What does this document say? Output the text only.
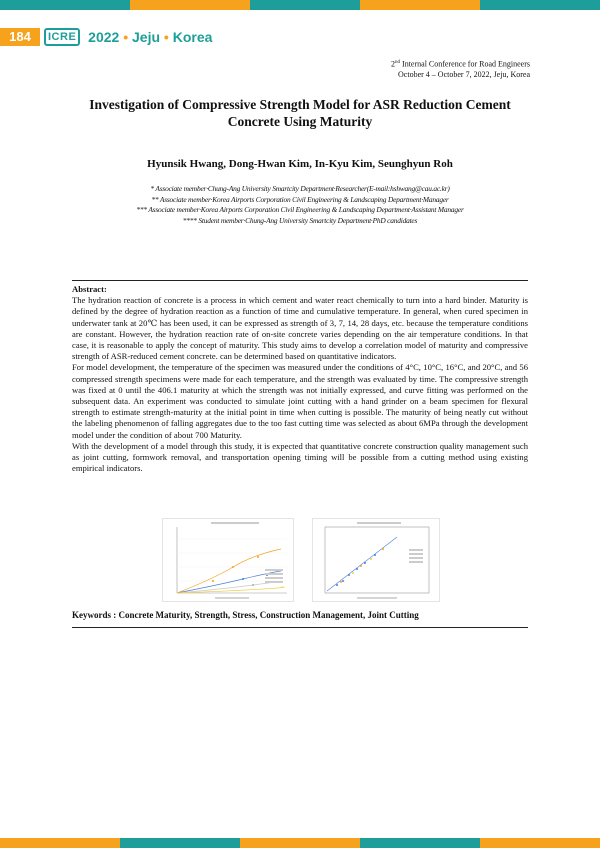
184	ICRE 2022 • Jeju • Korea
2nd Internal Conference for Road Engineers
October 4 – October 7, 2022, Jeju, Korea
Investigation of Compressive Strength Model for ASR Reduction Cement Concrete Using Maturity
Hyunsik Hwang, Dong-Hwan Kim, In-Kyu Kim, Seunghyun Roh
* Associate member·Chung-Ang University Smartcity Department·Researcher(E-mail:hshwang@cau.ac.kr)
** Associate member·Korea Airports Corporation Civil Engineering & Landscaping Department·Manager
*** Associate member·Korea Airports Corporation Civil Engineering & Landscaping Department·Assistant Manager
**** Student member·Chung-Ang University Smartcity Department·PhD candidates

Abstract:

The hydration reaction of concrete is a process in which cement and water react chemically to turn into a hard binder. Maturity is defined by the degree of hydration reaction as a function of time and cumulative temperature. In general, when cured specimen in underwater tank at 20℃ has been used, it can be expressed as strength of 3, 7, 14, 28 days, etc. because the temperature conditions are constant. However, the hydration reaction rate of on-site concrete varies depending on the air temperature conditions. In that case, it is reasonable to apply the concept of maturity. This study aims to develop a correlation model of maturity and compressive strength of ASR-reduced cement concrete. can be determined based on quantitative indicators.

For model development, the temperature of the specimen was measured under the conditions of 4°C, 10°C, 16°C, and 20°C, and 56 compressed strength specimens were made for each temperature, and the strength was evaluated by time. The compressive strength was fixed at 0 until the 406.1 maturity at which the strength was not initially expressed, and curve fitting was performed on the subsequent data. An experiment was conducted to simulate joint cutting with a hand grinder on a beam specimen for flexural strength to estimate strength-maturity at the initial point in time when cutting is possible. The maturity of being neatly cut without the labeling phenomenon of falling aggregates due to the too fast cutting time was selected as about 6MPa through the development model under the condition of about 700 Maturity.

With the development of a model through this study, it is expected that quantitative concrete construction quality management such as joint cutting, formwork removal, and transportation opening timing will be possible from a cutting method using existing empirical indicators.

Keywords : Concrete Maturity, Strength, Stress, Construction Management, Joint Cutting
